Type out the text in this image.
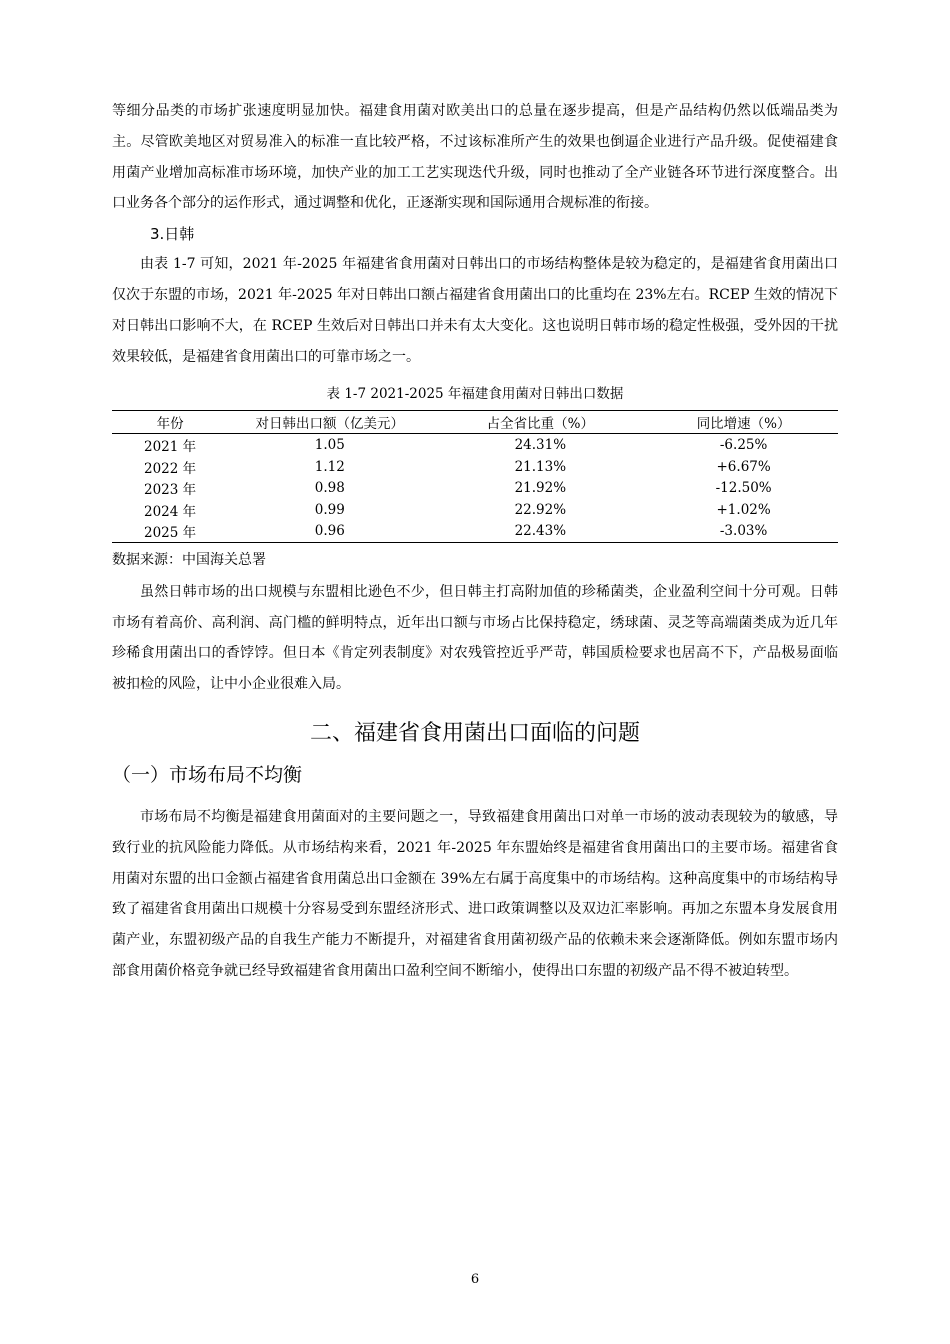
等细分品类的市场扩张速度明显加快。福建食用菌对欧美出口的总量在逐步提高，但是产品结构仍然以低端品类为主。尽管欧美地区对贸易准入的标准一直比较严格，不过该标准所产生的效果也倒逼企业进行产品升级。促使福建食用菌产业增加高标准市场环境，加快产业的加工工艺实现迭代升级，同时也推动了全产业链各环节进行深度整合。出口业务各个部分的运作形式，通过调整和优化，正逐渐实现和国际通用合规标准的衔接。

3.日韩

由表 1-7 可知，2021 年-2025 年福建省食用菌对日韩出口的市场结构整体是较为稳定的，是福建省食用菌出口仅次于东盟的市场，2021 年-2025 年对日韩出口额占福建省食用菌出口的比重均在 23%左右。RCEP 生效的情况下对日韩出口影响不大，在 RCEP 生效后对日韩出口并未有太大变化。这也说明日韩市场的稳定性极强，受外因的干扰效果较低，是福建省食用菌出口的可靠市场之一。

表 1-7 2021-2025 年福建食用菌对日韩出口数据
年份	对日韩出口额（亿美元）	占全省比重（%）	同比增速（%）
2021 年	1.05	24.31%	-6.25%
2022 年	1.12	21.13%	+6.67%
2023 年	0.98	21.92%	-12.50%
2024 年	0.99	22.92%	+1.02%
2025 年	0.96	22.43%	-3.03%
数据来源：中国海关总署

虽然日韩市场的出口规模与东盟相比逊色不少，但日韩主打高附加值的珍稀菌类，企业盈利空间十分可观。日韩市场有着高价、高利润、高门槛的鲜明特点，近年出口额与市场占比保持稳定，绣球菌、灵芝等高端菌类成为近几年珍稀食用菌出口的香饽饽。但日本《肯定列表制度》对农残管控近乎严苛，韩国质检要求也居高不下，产品极易面临被扣检的风险，让中小企业很难入局。

二、福建省食用菌出口面临的问题
（一）市场布局不均衡

市场布局不均衡是福建食用菌面对的主要问题之一，导致福建食用菌出口对单一市场的波动表现较为的敏感，导致行业的抗风险能力降低。从市场结构来看，2021 年-2025 年东盟始终是福建省食用菌出口的主要市场。福建省食用菌对东盟的出口金额占福建省食用菌总出口金额在 39%左右属于高度集中的市场结构。这种高度集中的市场结构导致了福建省食用菌出口规模十分容易受到东盟经济形式、进口政策调整以及双边汇率影响。再加之东盟本身发展食用菌产业，东盟初级产品的自我生产能力不断提升，对福建省食用菌初级产品的依赖未来会逐渐降低。例如东盟市场内部食用菌价格竞争就已经导致福建省食用菌出口盈利空间不断缩小，使得出口东盟的初级产品不得不被迫转型。

6
